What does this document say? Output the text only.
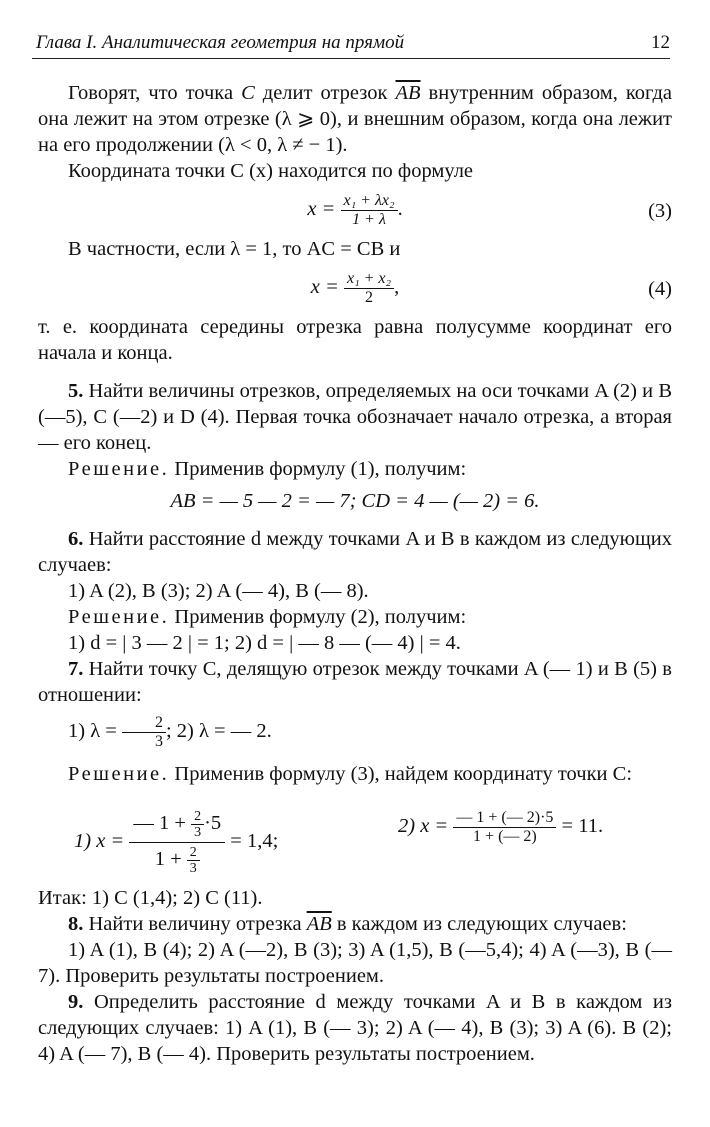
Глава I. Аналитическая геометрия на прямой	12

Говорят, что точка C делит отрезок $\overline{AB}$ внутренним образом, когда она лежит на этом отрезке (λ ⩾ 0), и внешним образом, когда она лежит на его продолжении (λ < 0, λ ≠ − 1).

Координата точки C (x) находится по формуле

$x = \frac{\text{x₁ + λx₂}}{1 + \lambda}$ .	(3)

В частности, если λ = 1, то AC = CB и

$x = \frac{\text{x₁ + x₂}}{2}$ ,	(4)

т. е. координата середины отрезка равна полусумме координат его начала и конца.

5. Найти величины отрезков, определяемых на оси точками A (2) и B (—5), C (—2) и D (4). Первая точка обозначает начало отрезка, а вторая — его конец.

Решение. Применив формулу (1), получим:

AB = — 5 — 2 = — 7; CD = 4 — (— 2) = 6.

6. Найти расстояние d между точками A и B в каждом из следующих случаев:

1) A (2), B (3); 2) A (— 4), B (— 8).

Решение. Применив формулу (2), получим:

1) d = | 3 — 2 | = 1; 2) d = | — 8 — (— 4) | = 4.

7. Найти точку C, делящую отрезок между точками A (— 1) и B (5) в отношении:

1) $\lambda = \frac{2}{3}$ ; 2) λ = — 2.

Решение. Применив формулу (3), найдем координату точки C:

1) $x = \frac{— 1 + \frac{2}{3} \cdot 5}{1 + \frac{2}{3}} = 1,4$;
2) $x = \frac{— 1 + (— 2)\cdot 5}{1 + (— 2)} = 11$.

Итак: 1) C (1,4); 2) C (11).

8. Найти величину отрезка $\overline{AB}$ в каждом из следующих случаев:

1) A (1), B (4); 2) A (—2), B (3); 3) A (1,5), B (—5,4); 4) A (—3), B (—7). Проверить результаты построением.

9. Определить расстояние d между точками A и B в каждом из следующих случаев: 1) A (1), B (— 3); 2) A (— 4), B (3); 3) A (6). B (2); 4) A (— 7), B (— 4). Проверить результаты построением.
